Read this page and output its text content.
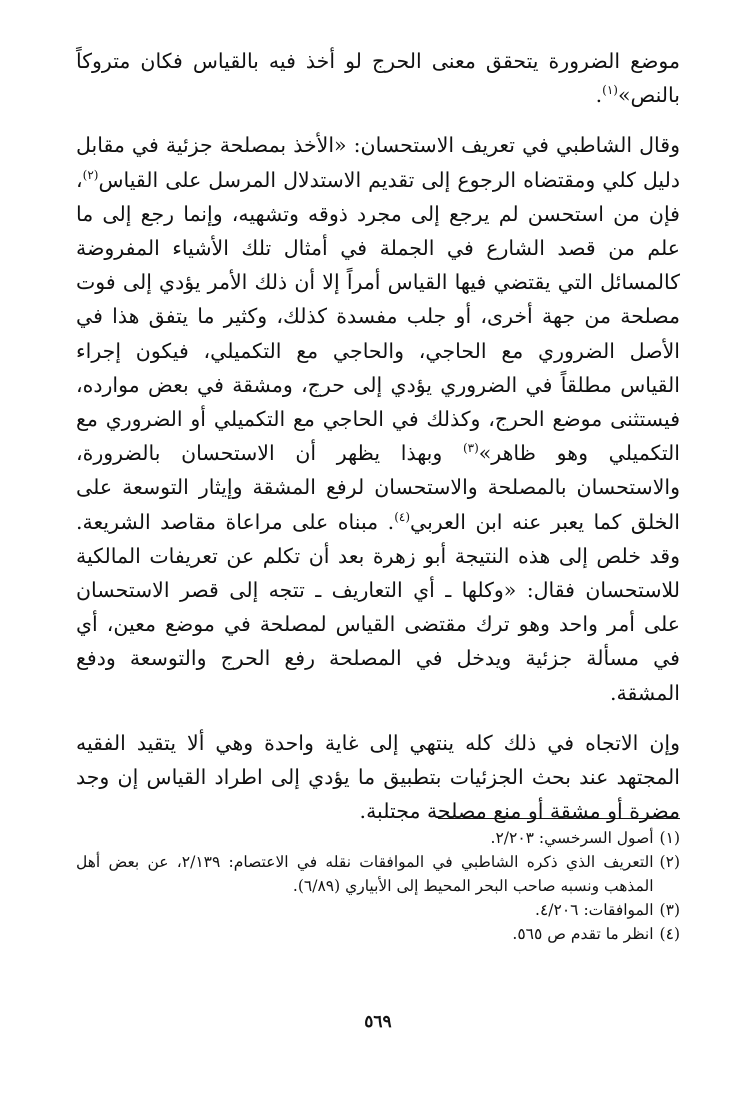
موضع الضرورة يتحقق معنى الحرج لو أخذ فيه بالقياس فكان متروكاً بالنص»$^{(١)}$.

وقال الشاطبي في تعريف الاستحسان: «الأخذ بمصلحة جزئية في مقابل دليل كلي ومقتضاه الرجوع إلى تقديم الاستدلال المرسل على القياس$^{(٢)}$، فإن من استحسن لم يرجع إلى مجرد ذوقه وتشهيه، وإنما رجع إلى ما علم من قصد الشارع في الجملة في أمثال تلك الأشياء المفروضة كالمسائل التي يقتضي فيها القياس أمراً إلا أن ذلك الأمر يؤدي إلى فوت مصلحة من جهة أخرى، أو جلب مفسدة كذلك، وكثير ما يتفق هذا في الأصل الضروري مع الحاجي، والحاجي مع التكميلي، فيكون إجراء القياس مطلقاً في الضروري يؤدي إلى حرج، ومشقة في بعض موارده، فيستثنى موضع الحرج، وكذلك في الحاجي مع التكميلي أو الضروري مع التكميلي وهو ظاهر»$^{(٣)}$ وبهذا يظهر أن الاستحسان بالضرورة، والاستحسان بالمصلحة والاستحسان لرفع المشقة وإيثار التوسعة على الخلق كما يعبر عنه ابن العربي$^{(٤)}$. مبناه على مراعاة مقاصد الشريعة. وقد خلص إلى هذه النتيجة أبو زهرة بعد أن تكلم عن تعريفات المالكية للاستحسان فقال: «وكلها ـ أي التعاريف ـ تتجه إلى قصر الاستحسان على أمر واحد وهو ترك مقتضى القياس لمصلحة في موضع معين، أي في مسألة جزئية ويدخل في المصلحة رفع الحرج والتوسعة ودفع المشقة.

وإن الاتجاه في ذلك كله ينتهي إلى غاية واحدة وهي ألا يتقيد الفقيه المجتهد عند بحث الجزئيات بتطبيق ما يؤدي إلى اطراد القياس إن وجد مضرة أو مشقة أو منع مصلحة مجتلبة.

(١)
أصول السرخسي: ٢/٢٠٣.
(٢)
التعريف الذي ذكره الشاطبي في الموافقات نقله في الاعتصام: ٢/١٣٩، عن بعض أهل المذهب ونسبه صاحب البحر المحيط إلى الأبياري (٦/٨٩).
(٣)
الموافقات: ٤/٢٠٦.
(٤)
انظر ما تقدم ص ٥٦٥.
٥٦٩
